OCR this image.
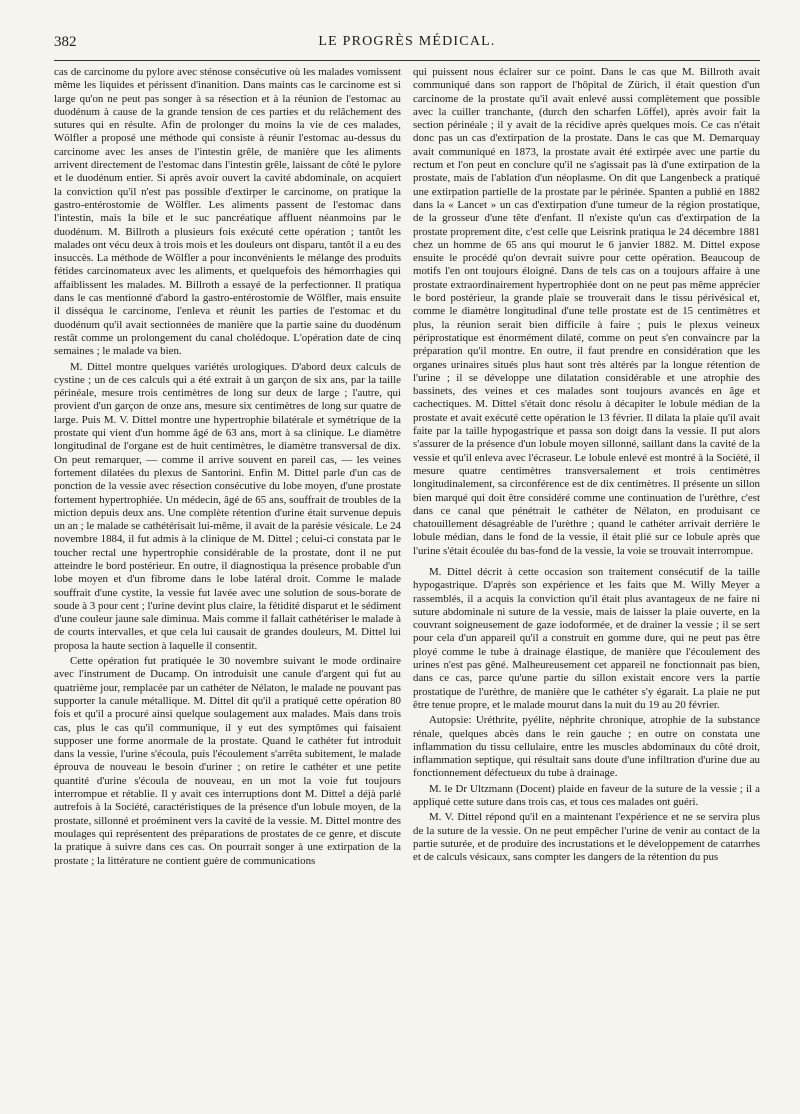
382	LE PROGRÈS MÉDICAL.

cas de carcinome du pylore avec sténose consécutive où les malades vomissent même les liquides et périssent d'inanition. Dans maints cas le carcinome est si large qu'on ne peut pas songer à sa résection et à la réunion de l'estomac au duodénum à cause de la grande tension de ces parties et du relâchement des sutures qui en résulte. Afin de prolonger du moins la vie de ces malades, Wölfler a proposé une méthode qui consiste à réunir l'estomac au-dessus du carcinome avec les anses de l'intestin grêle, de manière que les aliments arrivent directement de l'estomac dans l'intestin grêle, laissant de côté le pylore et le duodénum entier. Si après avoir ouvert la cavité abdominale, on acquiert la conviction qu'il n'est pas possible d'extirper le carcinome, on pratique la gastro-entérostomie de Wölfler. Les aliments passent de l'estomac dans l'intestin, mais la bile et le suc pancréatique affluent néanmoins par le duodénum. M. Billroth a plusieurs fois exécuté cette opération ; tantôt les malades ont vécu deux à trois mois et les douleurs ont disparu, tantôt il a eu des insuccès. La méthode de Wölfler a pour inconvénients le mélange des produits fétides carcinomateux avec les aliments, et quelquefois des hémorrhagies qui affaiblissent les malades. M. Billroth a essayé de la perfectionner. Il pratiqua dans le cas mentionné d'abord la gastro-entérostomie de Wölfler, mais ensuite il disséqua le carcinome, l'enleva et réunit les parties de l'estomac et du duodénum qu'il avait sectionnées de manière que la partie saine du duodénum restât comme un prolongement du canal cholédoque. L'opération date de cinq semaines ; le malade va bien.

M. Dittel montre quelques variétés urologiques. D'abord deux calculs de cystine ; un de ces calculs qui a été extrait à un garçon de six ans, par la taille périnéale, mesure trois centimètres de long sur deux de large ; l'autre, qui provient d'un garçon de onze ans, mesure six centimètres de long sur quatre de large. Puis M. V. Dittel montre une hypertrophie bilatérale et symétrique de la prostate qui vient d'un homme âgé de 63 ans, mort à sa clinique. Le diamètre longitudinal de l'organe est de huit centimètres, le diamètre transversal de dix. On peut remarquer, — comme il arrive souvent en pareil cas, — les veines fortement dilatées du plexus de Santorini. Enfin M. Dittel parle d'un cas de ponction de la vessie avec résection consécutive du lobe moyen, d'une prostate fortement hypertrophiée. Un médecin, âgé de 65 ans, souffrait de troubles de la miction depuis deux ans. Une complète rétention d'urine était survenue depuis un an ; le malade se cathétérisait lui-même, il avait de la parésie vésicale. Le 24 novembre 1884, il fut admis à la clinique de M. Dittel ; celui-ci constata par le toucher rectal une hypertrophie considérable de la prostate, dont il ne put atteindre le bord postérieur. En outre, il diagnostiqua la présence probable d'un lobe moyen et d'un fibrome dans le lobe latéral droit. Comme le malade souffrait d'une cystite, la vessie fut lavée avec une solution de sous-borate de soude à 3 pour cent ; l'urine devint plus claire, la fétidité disparut et le sédiment d'une couleur jaune sale diminua. Mais comme il fallait cathétériser le malade à de courts intervalles, et que cela lui causait de grandes douleurs, M. Dittel lui proposa la haute section à laquelle il consentit.

Cette opération fut pratiquée le 30 novembre suivant le mode ordinaire avec l'instrument de Ducamp. On introduisit une canule d'argent qui fut au quatrième jour, remplacée par un cathéter de Nélaton, le malade ne pouvant pas supporter la canule métallique. M. Dittel dit qu'il a pratiqué cette opération 80 fois et qu'il a procuré ainsi quelque soulagement aux malades. Mais dans trois cas, plus le cas qu'il communique, il y eut des symptômes qui faisaient supposer une forme anormale de la prostate. Quand le cathéter fut introduit dans la vessie, l'urine s'écoula, puis l'écoulement s'arrêta subitement, le malade éprouva de nouveau le besoin d'uriner ; on retire le cathéter et une petite quantité d'urine s'écoula de nouveau, en un mot la voie fut toujours interrompue et rétablie. Il y avait ces interruptions dont M. Dittel a déjà parlé autrefois à la Société, caractéristiques de la présence d'un lobule moyen, de la prostate, sillonné et proéminent vers la cavité de la vessie. M. Dittel montre des moulages qui représentent des préparations de prostates de ce genre, et discute la pratique à suivre dans ces cas. On pourrait songer à une extirpation de la prostate ; la littérature ne contient guère de communications

qui puissent nous éclairer sur ce point. Dans le cas que M. Billroth avait communiqué dans son rapport de l'hôpital de Zürich, il était question d'un carcinome de la prostate qu'il avait enlevé aussi complètement que possible avec la cuiller tranchante, (durch den scharfen Löffel), après avoir fait la section périnéale ; il y avait de la récidive après quelques mois. Ce cas n'était donc pas un cas d'extirpation de la prostate. Dans le cas que M. Demarquay avait communiqué en 1873, la prostate avait été extirpée avec une partie du rectum et l'on peut en conclure qu'il ne s'agissait pas là d'une extirpation de la prostate, mais de l'ablation d'un néoplasme. On dit que Langenbeck a pratiqué une extirpation partielle de la prostate par le périnée. Spanten a publié en 1882 dans la « Lancet » un cas d'extirpation d'une tumeur de la région prostatique, de la grosseur d'une tête d'enfant. Il n'existe qu'un cas d'extirpation de la prostate proprement dite, c'est celle que Leisrink pratiqua le 24 décembre 1881 chez un homme de 65 ans qui mourut le 6 janvier 1882. M. Dittel expose ensuite le procédé qu'on devrait suivre pour cette opération. Beaucoup de motifs l'en ont toujours éloigné. Dans de tels cas on a toujours affaire à une prostate extraordinairement hypertrophiée dont on ne peut pas même apprécier le bord postérieur, la grande plaie se trouverait dans le tissu périvésical et, comme le diamètre longitudinal d'une telle prostate est de 15 centimètres et plus, la réunion serait bien difficile à faire ; puis le plexus veineux périprostatique est énormément dilaté, comme on peut s'en convaincre par la préparation qu'il montre. En outre, il faut prendre en considération que les organes urinaires situés plus haut sont très altérés par la longue rétention de l'urine ; il se développe une dilatation considérable et une atrophie des bassinets, des veines et ces malades sont toujours avancés en âge et cachectiques. M. Dittel s'était donc résolu à décapiter le lobule médian de la prostate et avait exécuté cette opération le 13 février. Il dilata la plaie qu'il avait faite par la taille hypogastrique et passa son doigt dans la vessie. Il put alors s'assurer de la présence d'un lobule moyen sillonné, saillant dans la cavité de la vessie et qu'il enleva avec l'écraseur. Le lobule enlevé est montré à la Société, il mesure quatre centimètres transversalement et trois centimètres longitudinalement, sa circonférence est de dix centimètres. Il présente un sillon bien marqué qui doit être considéré comme une continuation de l'urèthre, c'est dans ce canal que pénétrait le cathéter de Nélaton, en produisant ce chatouillement désagréable de l'urèthre ; quand le cathéter arrivait derrière le lobule médian, dans le fond de la vessie, il était plié sur ce lobule après que l'urine s'était écoulée du bas-fond de la vessie, la voie se trouvait interrompue.

M. Dittel décrit à cette occasion son traitement consécutif de la taille hypogastrique. D'après son expérience et les faits que M. Willy Meyer a rassemblés, il a acquis la conviction qu'il était plus avantageux de ne faire ni suture abdominale ni suture de la vessie, mais de laisser la plaie ouverte, en la couvrant soigneusement de gaze iodoformée, et de drainer la vessie ; il se sert pour cela d'un appareil qu'il a construit en gomme dure, qui ne peut pas être ployé comme le tube à drainage élastique, de manière que l'écoulement des urines n'est pas gêné. Malheureusement cet appareil ne fonctionnait pas bien, dans ce cas, parce qu'une partie du sillon existait encore vers la partie prostatique de l'urèthre, de manière que le cathéter s'y égarait. La plaie ne put être tenue propre, et le malade mourut dans la nuit du 19 au 20 février.

Autopsie: Uréthrite, pyélite, néphrite chronique, atrophie de la substance rénale, quelques abcès dans le rein gauche ; en outre on constata une inflammation du tissu cellulaire, entre les muscles abdominaux du côté droit, inflammation septique, qui résultait sans doute d'une infiltration d'urine due au fonctionnement défectueux du tube à drainage.

M. le Dr Ultzmann (Docent) plaide en faveur de la suture de la vessie ; il a appliqué cette suture dans trois cas, et tous ces malades ont guéri.

M. V. Dittel répond qu'il en a maintenant l'expérience et ne se servira plus de la suture de la vessie. On ne peut empêcher l'urine de venir au contact de la partie suturée, et de produire des incrustations et le développement de catarrhes et de calculs vésicaux, sans compter les dangers de la rétention du pus
